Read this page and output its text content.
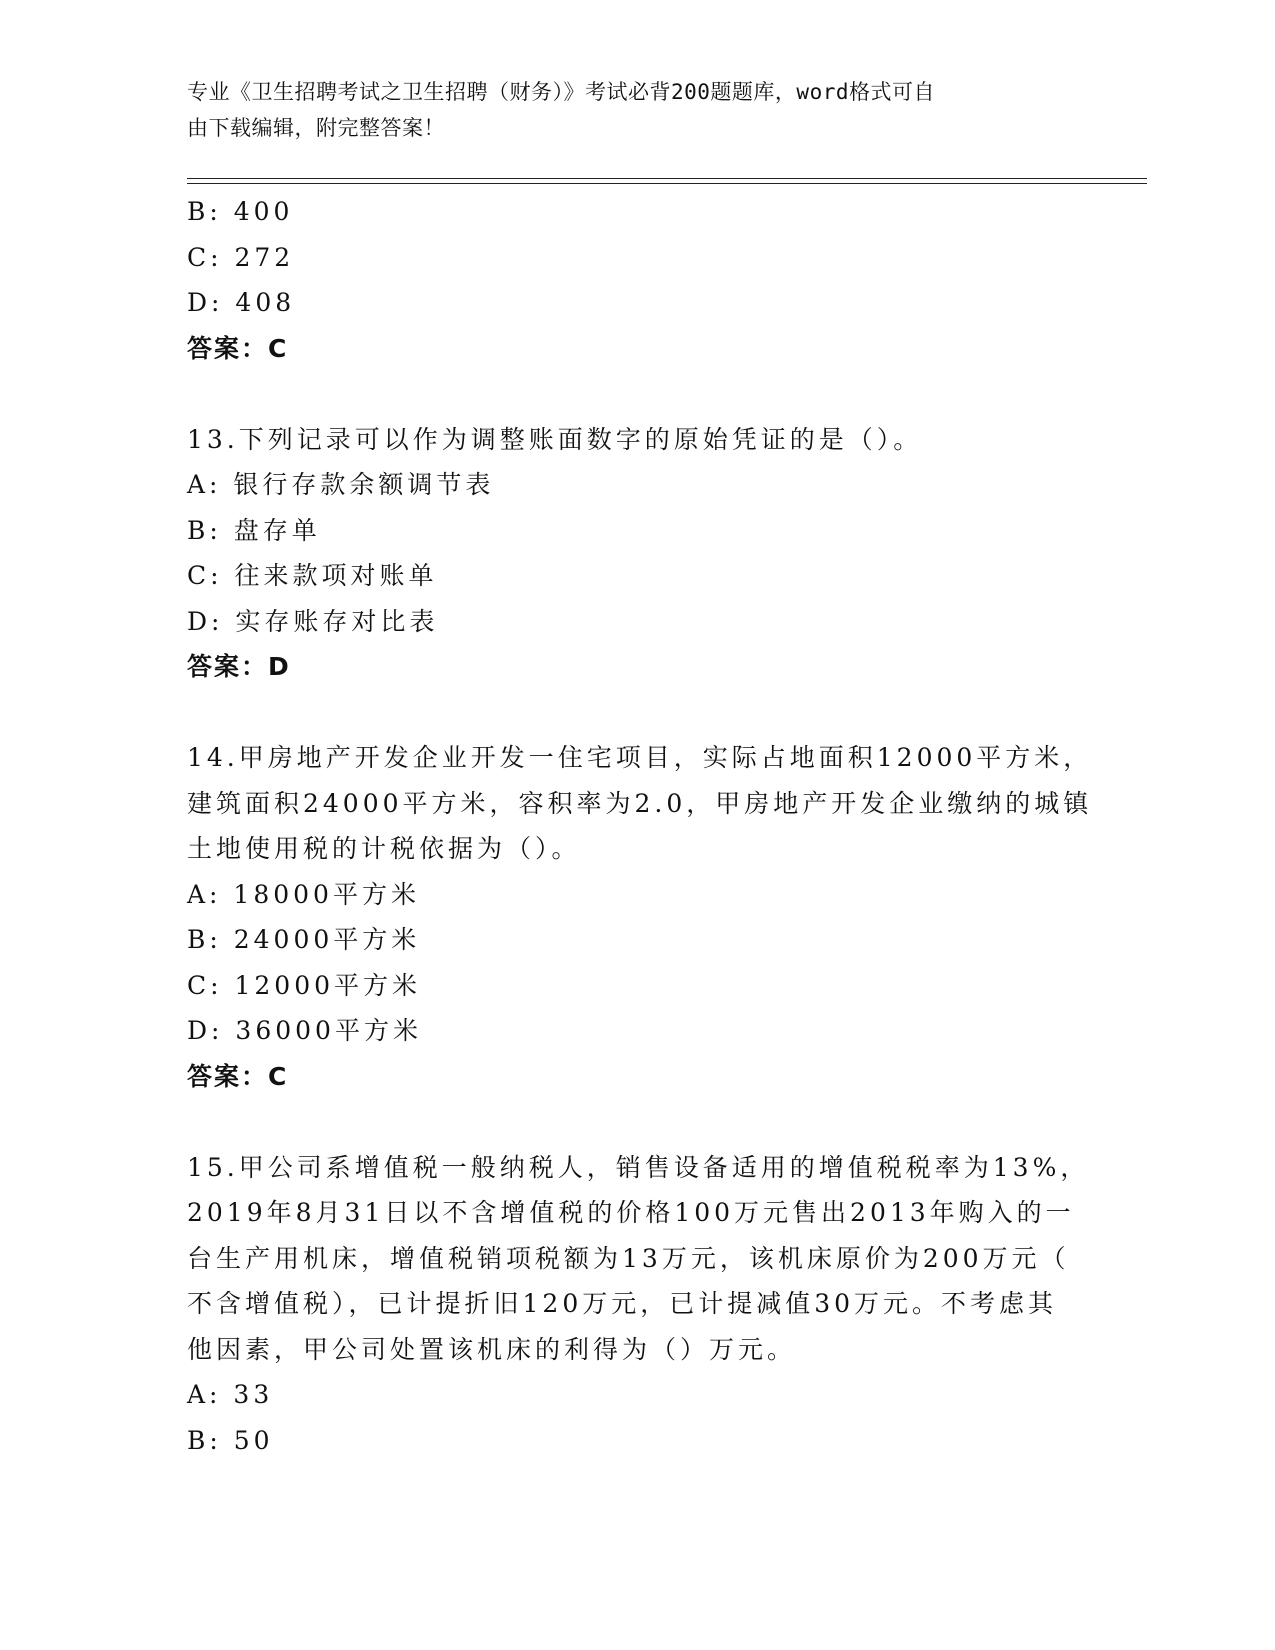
专业《卫生招聘考试之卫生招聘（财务）》考试必背200题题库，word格式可自
由下载编辑，附完整答案！
B: 400
C: 272
D: 408
答案：C
13.下列记录可以作为调整账面数字的原始凭证的是（）。
A: 银行存款余额调节表
B: 盘存单
C: 往来款项对账单
D: 实存账存对比表
答案：D
14.甲房地产开发企业开发一住宅项目，实际占地面积12000平方米，
建筑面积24000平方米，容积率为2.0，甲房地产开发企业缴纳的城镇
土地使用税的计税依据为（）。
A: 18000平方米
B: 24000平方米
C: 12000平方米
D: 36000平方米
答案：C
15.甲公司系增值税一般纳税人，销售设备适用的增值税税率为13%，
2019年8月31日以不含增值税的价格100万元售出2013年购入的一
台生产用机床，增值税销项税额为13万元，该机床原价为200万元（
不含增值税），已计提折旧120万元，已计提减值30万元。不考虑其
他因素，甲公司处置该机床的利得为（）万元。
A: 33
B: 50
